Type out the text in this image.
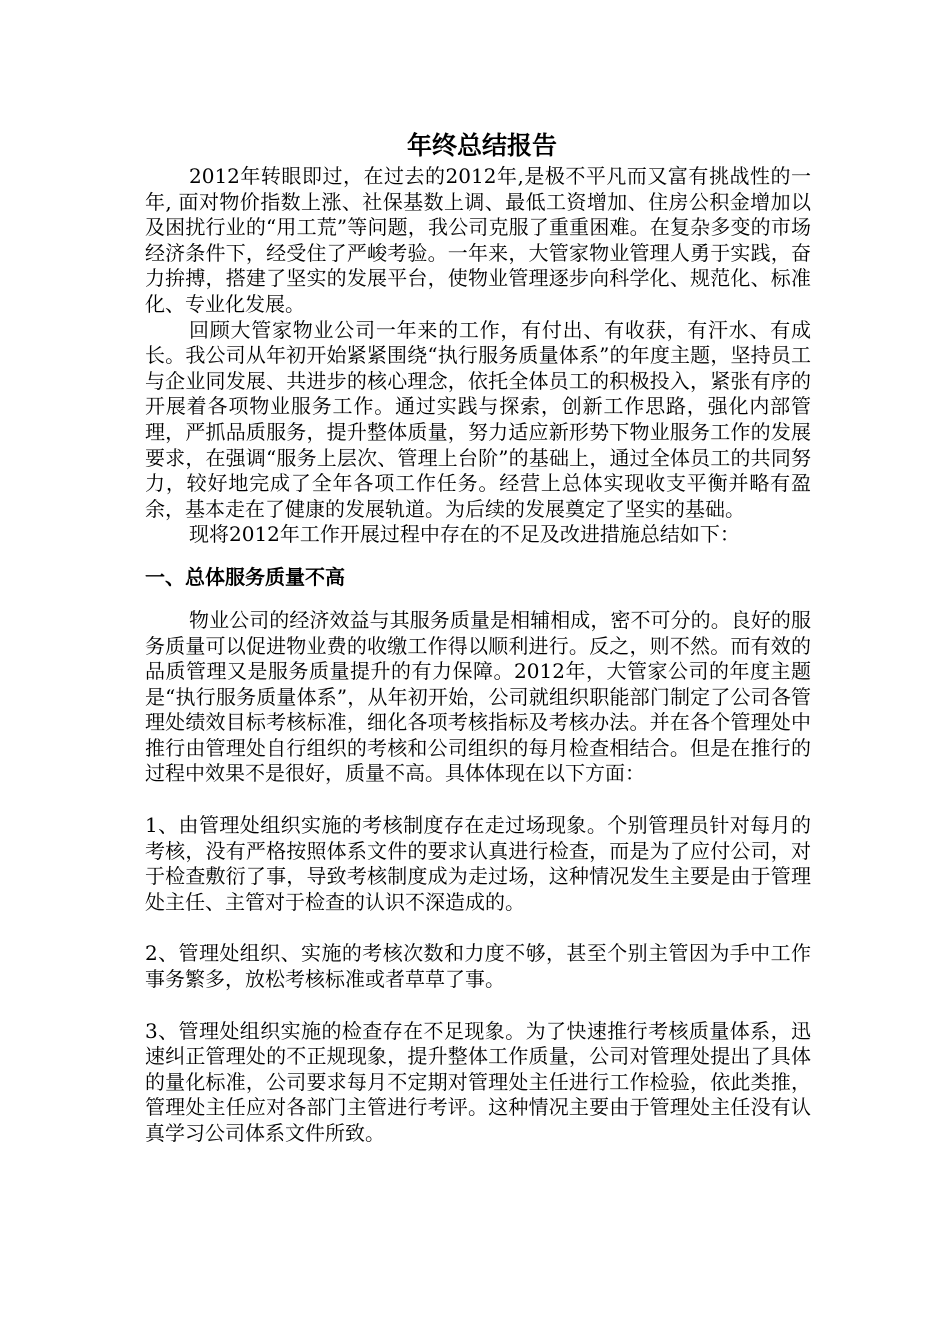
年终总结报告

2012年转眼即过，在过去的2012年,是极不平凡而又富有挑战性的一年, 面对物价指数上涨、社保基数上调、最低工资增加、住房公积金增加以及困扰行业的“用工荒”等问题，我公司克服了重重困难。在复杂多变的市场经济条件下，经受住了严峻考验。一年来，大管家物业管理人勇于实践，奋力拚搏，搭建了坚实的发展平台，使物业管理逐步向科学化、规范化、标准化、专业化发展。

回顾大管家物业公司一年来的工作，有付出、有收获，有汗水、有成长。我公司从年初开始紧紧围绕“执行服务质量体系”的年度主题，坚持员工与企业同发展、共进步的核心理念，依托全体员工的积极投入，紧张有序的开展着各项物业服务工作。通过实践与探索，创新工作思路，强化内部管理，严抓品质服务，提升整体质量，努力适应新形势下物业服务工作的发展要求，在强调“服务上层次、管理上台阶”的基础上，通过全体员工的共同努力，较好地完成了全年各项工作任务。经营上总体实现收支平衡并略有盈余，基本走在了健康的发展轨道。为后续的发展奠定了坚实的基础。

现将2012年工作开展过程中存在的不足及改进措施总结如下：

一、总体服务质量不高

物业公司的经济效益与其服务质量是相辅相成，密不可分的。良好的服务质量可以促进物业费的收缴工作得以顺利进行。反之，则不然。而有效的品质管理又是服务质量提升的有力保障。2012年，大管家公司的年度主题是“执行服务质量体系”，从年初开始，公司就组织职能部门制定了公司各管理处绩效目标考核标准，细化各项考核指标及考核办法。并在各个管理处中推行由管理处自行组织的考核和公司组织的每月检查相结合。但是在推行的过程中效果不是很好，质量不高。具体体现在以下方面：

1、由管理处组织实施的考核制度存在走过场现象。个别管理员针对每月的考核，没有严格按照体系文件的要求认真进行检查，而是为了应付公司，对于检查敷衍了事，导致考核制度成为走过场，这种情况发生主要是由于管理处主任、主管对于检查的认识不深造成的。

2、管理处组织、实施的考核次数和力度不够，甚至个别主管因为手中工作事务繁多，放松考核标准或者草草了事。

3、管理处组织实施的检查存在不足现象。为了快速推行考核质量体系，迅速纠正管理处的不正规现象，提升整体工作质量，公司对管理处提出了具体的量化标准，公司要求每月不定期对管理处主任进行工作检验，依此类推，管理处主任应对各部门主管进行考评。这种情况主要由于管理处主任没有认真学习公司体系文件所致。
